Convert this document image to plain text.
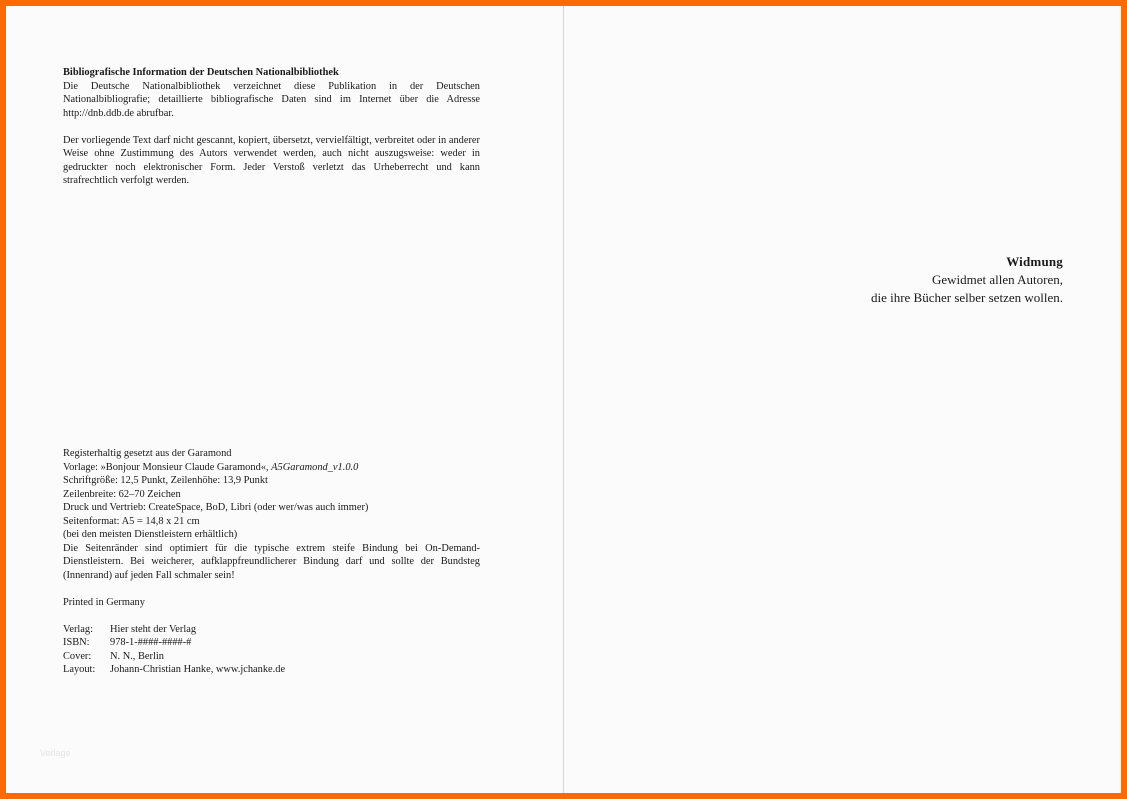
Bibliografische Information der Deutschen Nationalbibliothek
Die Deutsche Nationalbibliothek verzeichnet diese Publikation in der Deutschen Nationalbibliografie; detaillierte bibliografische Daten sind im Internet über die Adresse http://dnb.ddb.de abrufbar.
Der vorliegende Text darf nicht gescannt, kopiert, übersetzt, vervielfältigt, verbreitet oder in anderer Weise ohne Zustimmung des Autors verwendet werden, auch nicht auszugsweise: weder in gedruckter noch elektronischer Form. Jeder Verstoß verletzt das Urheberrecht und kann strafrechtlich verfolgt werden.
Registerhaltig gesetzt aus der Garamond
Vorlage: »Bonjour Monsieur Claude Garamond«, A5Garamond_v1.0.0
Schriftgröße: 12,5 Punkt, Zeilenhöhe: 13,9 Punkt
Zeilenbreite: 62–70 Zeichen
Druck und Vertrieb: CreateSpace, BoD, Libri (oder wer/was auch immer)
Seitenformat: A5 = 14,8 x 21 cm
(bei den meisten Dienstleistern erhältlich)
Die Seitenränder sind optimiert für die typische extrem steife Bindung bei On-Demand-Dienstleistern. Bei weicherer, aufklappfreundlicherer Bindung darf und sollte der Bundsteg (Innenrand) auf jeden Fall schmaler sein!
Printed in Germany
Verlag:	Hier steht der Verlag
ISBN:	978-1-####-####-#
Cover:	N. N., Berlin
Layout:	Johann-Christian Hanke, www.jchanke.de
Verlage
Widmung
Gewidmet allen Autoren,
die ihre Bücher selber setzen wollen.
